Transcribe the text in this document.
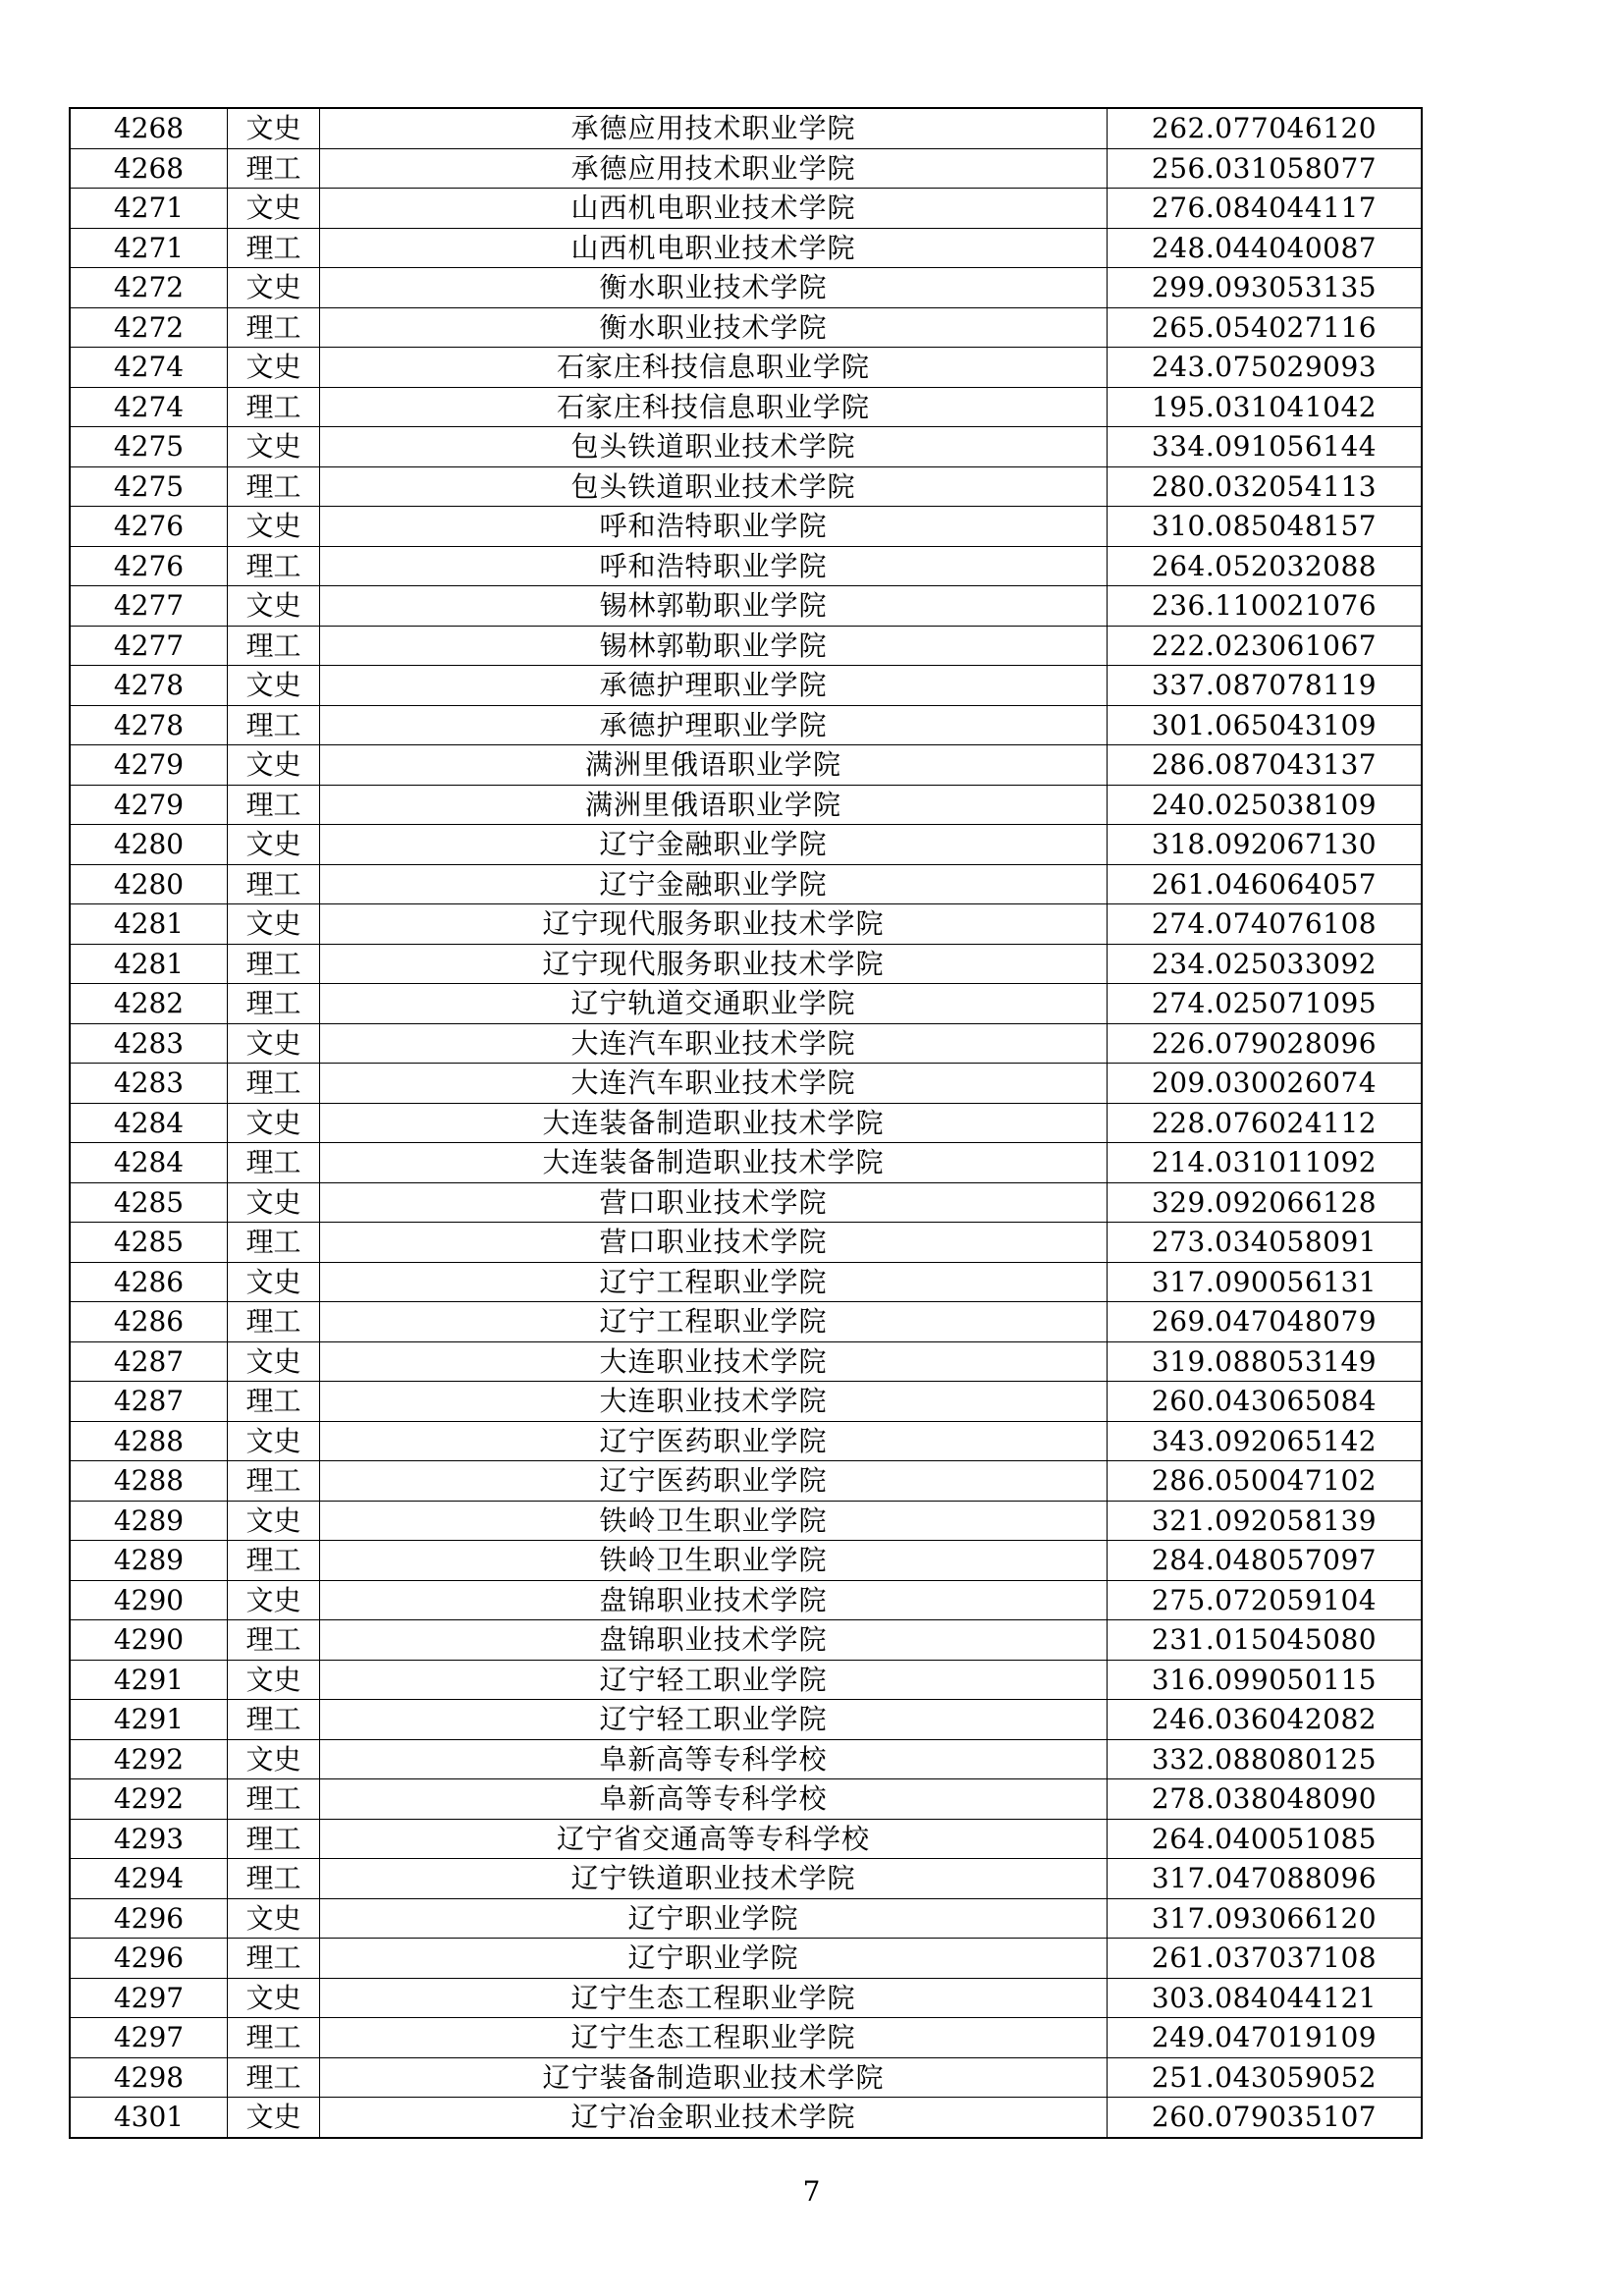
4268	文史	承德应用技术职业学院	262.077046120
4268	理工	承德应用技术职业学院	256.031058077
4271	文史	山西机电职业技术学院	276.084044117
4271	理工	山西机电职业技术学院	248.044040087
4272	文史	衡水职业技术学院	299.093053135
4272	理工	衡水职业技术学院	265.054027116
4274	文史	石家庄科技信息职业学院	243.075029093
4274	理工	石家庄科技信息职业学院	195.031041042
4275	文史	包头铁道职业技术学院	334.091056144
4275	理工	包头铁道职业技术学院	280.032054113
4276	文史	呼和浩特职业学院	310.085048157
4276	理工	呼和浩特职业学院	264.052032088
4277	文史	锡林郭勒职业学院	236.110021076
4277	理工	锡林郭勒职业学院	222.023061067
4278	文史	承德护理职业学院	337.087078119
4278	理工	承德护理职业学院	301.065043109
4279	文史	满洲里俄语职业学院	286.087043137
4279	理工	满洲里俄语职业学院	240.025038109
4280	文史	辽宁金融职业学院	318.092067130
4280	理工	辽宁金融职业学院	261.046064057
4281	文史	辽宁现代服务职业技术学院	274.074076108
4281	理工	辽宁现代服务职业技术学院	234.025033092
4282	理工	辽宁轨道交通职业学院	274.025071095
4283	文史	大连汽车职业技术学院	226.079028096
4283	理工	大连汽车职业技术学院	209.030026074
4284	文史	大连装备制造职业技术学院	228.076024112
4284	理工	大连装备制造职业技术学院	214.031011092
4285	文史	营口职业技术学院	329.092066128
4285	理工	营口职业技术学院	273.034058091
4286	文史	辽宁工程职业学院	317.090056131
4286	理工	辽宁工程职业学院	269.047048079
4287	文史	大连职业技术学院	319.088053149
4287	理工	大连职业技术学院	260.043065084
4288	文史	辽宁医药职业学院	343.092065142
4288	理工	辽宁医药职业学院	286.050047102
4289	文史	铁岭卫生职业学院	321.092058139
4289	理工	铁岭卫生职业学院	284.048057097
4290	文史	盘锦职业技术学院	275.072059104
4290	理工	盘锦职业技术学院	231.015045080
4291	文史	辽宁轻工职业学院	316.099050115
4291	理工	辽宁轻工职业学院	246.036042082
4292	文史	阜新高等专科学校	332.088080125
4292	理工	阜新高等专科学校	278.038048090
4293	理工	辽宁省交通高等专科学校	264.040051085
4294	理工	辽宁铁道职业技术学院	317.047088096
4296	文史	辽宁职业学院	317.093066120
4296	理工	辽宁职业学院	261.037037108
4297	文史	辽宁生态工程职业学院	303.084044121
4297	理工	辽宁生态工程职业学院	249.047019109
4298	理工	辽宁装备制造职业技术学院	251.043059052
4301	文史	辽宁冶金职业技术学院	260.079035107
7
